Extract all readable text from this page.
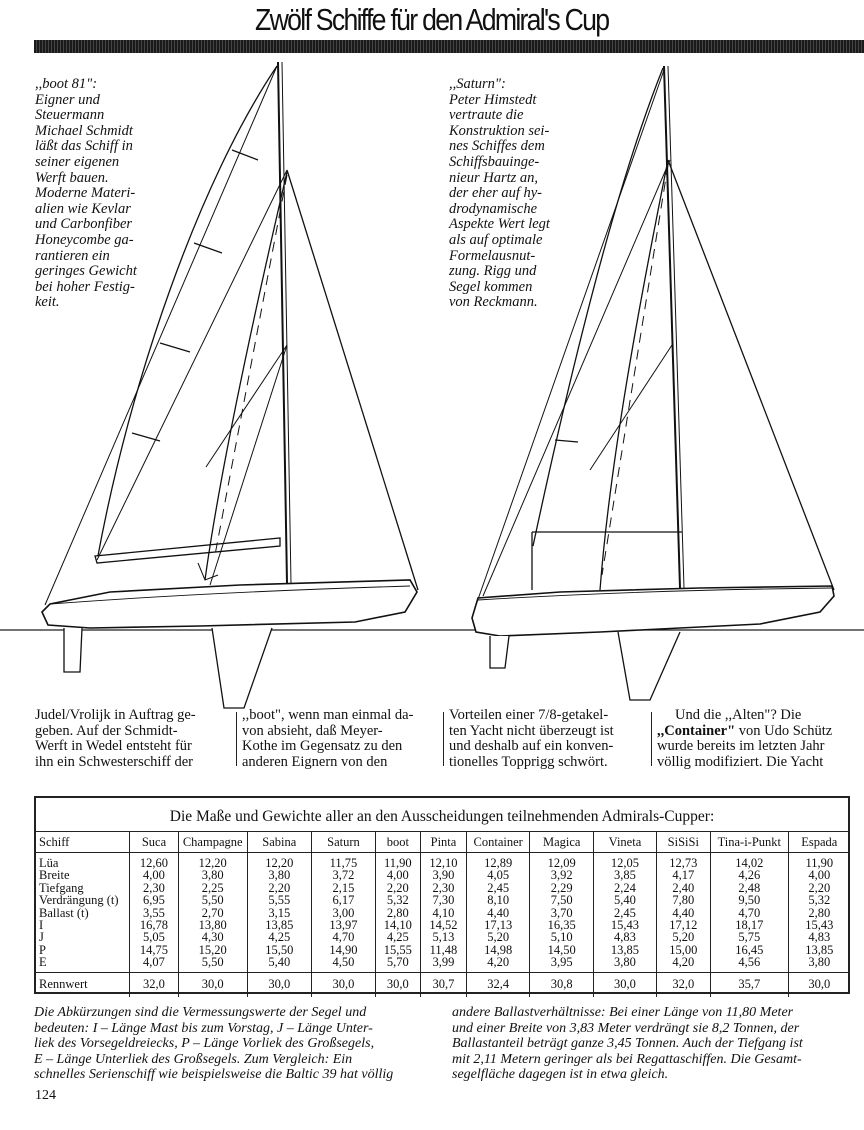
Zwölf Schiffe für den Admiral's Cup
,,boot 81":
Eigner und
Steuermann
Michael Schmidt
läßt das Schiff in
seiner eigenen
Werft bauen.
Moderne Materi-
alien wie Kevlar
und Carbonfiber
Honeycombe ga-
rantieren ein
geringes Gewicht
bei hoher Festig-
keit.
,,Saturn":
Peter Himstedt
vertraute die
Konstruktion sei-
nes Schiffes dem
Schiffsbauinge-
nieur Hartz an,
der eher auf hy-
drodynamische
Aspekte Wert legt
als auf optimale
Formelausnut-
zung. Rigg und
Segel kommen
von Reckmann.
Judel/Vrolijk in Auftrag ge-
geben. Auf der Schmidt-
Werft in Wedel entsteht für
ihn ein Schwesterschiff der
,,boot", wenn man einmal da-
von absieht, daß Meyer-
Kothe im Gegensatz zu den
anderen Eignern von den
Vorteilen einer 7/8-getakel-
ten Yacht nicht überzeugt ist
und deshalb auf ein konven-
tionelles Topprigg schwört.
Und die ,,Alten"? Die
,,Container" von Udo Schütz
wurde bereits im letzten Jahr
völlig modifiziert. Die Yacht
Die Maße und Gewichte aller an den Ausscheidungen teilnehmenden Admirals-Cupper:
Schiff	Suca	Champagne	Sabina	Saturn	boot	Pinta	Container	Magica	Vineta	SiSiSi	Tina-i-Punkt	Espada
Lüa	12,60	12,20	12,20	11,75	11,90	12,10	12,89	12,09	12,05	12,73	14,02	11,90
Breite	4,00	3,80	3,80	3,72	4,00	3,90	4,05	3,92	3,85	4,17	4,26	4,00
Tiefgang	2,30	2,25	2,20	2,15	2,20	2,30	2,45	2,29	2,24	2,40	2,48	2,20
Verdrängung (t)	6,95	5,50	5,55	6,17	5,32	7,30	8,10	7,50	5,40	7,80	9,50	5,32
Ballast (t)	3,55	2,70	3,15	3,00	2,80	4,10	4,40	3,70	2,45	4,40	4,70	2,80
I	16,78	13,80	13,85	13,97	14,10	14,52	17,13	16,35	15,43	17,12	18,17	15,43
J	5,05	4,30	4,25	4,70	4,25	5,13	5,20	5,10	4,83	5,20	5,75	4,83
P	14,75	15,20	15,50	14,90	15,55	11,48	14,98	14,50	13,85	15,00	16,45	13,85
E	4,07	5,50	5,40	4,50	5,70	3,99	4,20	3,95	3,80	4,20	4,56	3,80
Rennwert	32,0	30,0	30,0	30,0	30,0	30,7	32,4	30,8	30,0	32,0	35,7	30,0
Die Abkürzungen sind die Vermessungswerte der Segel und
bedeuten: I – Länge Mast bis zum Vorstag, J – Länge Unter-
liek des Vorsegeldreiecks, P – Länge Vorliek des Großsegels,
E – Länge Unterliek des Großsegels. Zum Vergleich: Ein
schnelles Serienschiff wie beispielsweise die Baltic 39 hat völlig
andere Ballastverhältnisse: Bei einer Länge von 11,80 Meter
und einer Breite von 3,83 Meter verdrängt sie 8,2 Tonnen, der
Ballastanteil beträgt ganze 3,45 Tonnen. Auch der Tiefgang ist
mit 2,11 Metern geringer als bei Regattaschiffen. Die Gesamt-
segelfläche dagegen ist in etwa gleich.
124
